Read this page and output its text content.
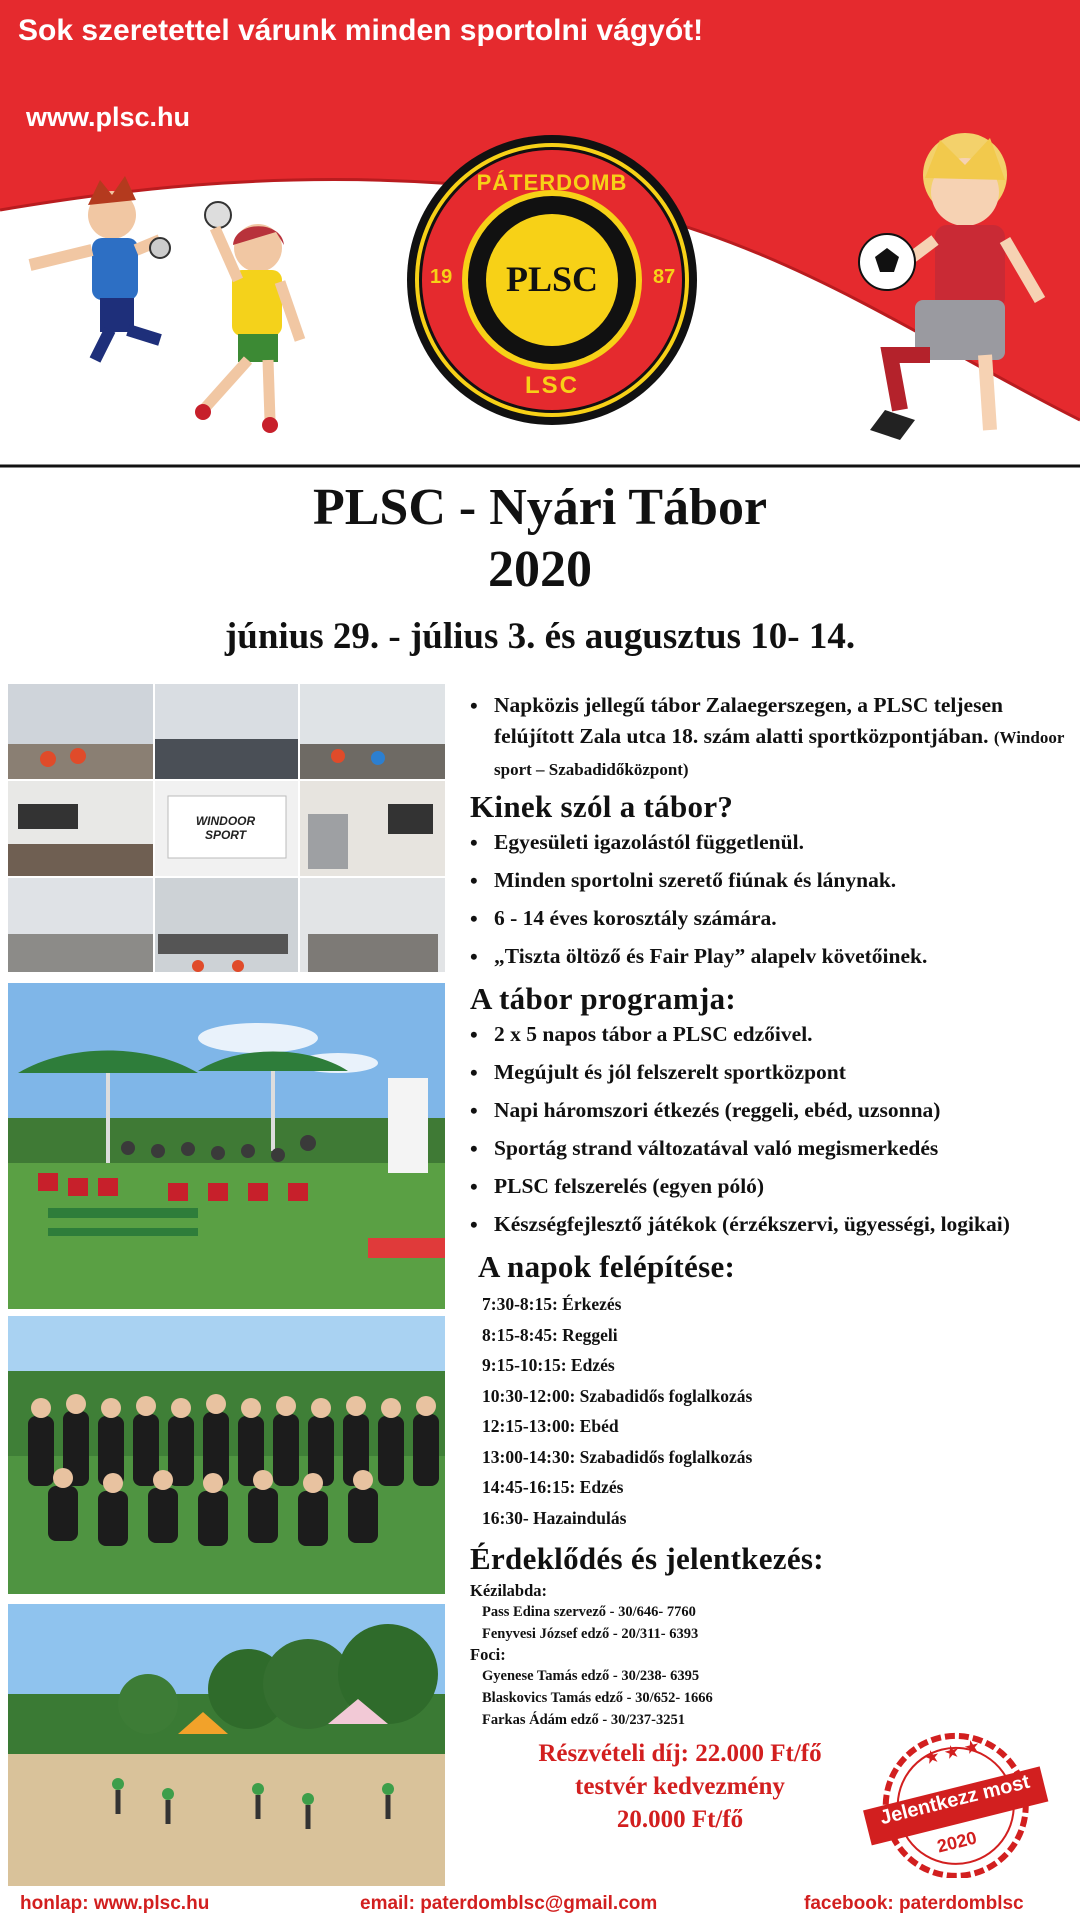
Sok szeretettel várunk minden sportolni vágyót!
www.plsc.hu
PÁTERDOMB
LSC
19	87
PLSC
PLSC - Nyári Tábor
2020
június 29. - július 3. és augusztus 10- 14.
WINDOOR SPORT
• Napközis jellegű tábor Zalaegerszegen, a PLSC teljesen felújított Zala utca 18. szám alatti sportközpontjában. (Windoor sport – Szabadidőközpont)
Kinek szól a tábor?
• Egyesületi igazolástól függetlenül.
• Minden sportolni szerető fiúnak és lánynak.
• 6 - 14 éves korosztály számára.
• „Tiszta öltöző és Fair Play” alapelv követőinek.
A tábor programja:
• 2 x 5 napos tábor a PLSC edzőivel.
• Megújult és jól felszerelt sportközpont
• Napi háromszori étkezés (reggeli, ebéd, uzsonna)
• Sportág strand változatával való megismerkedés
• PLSC felszerelés (egyen póló)
• Készségfejlesztő játékok (érzékszervi, ügyességi, logikai)
A napok felépítése:
7:30-8:15: Érkezés
8:15-8:45: Reggeli
9:15-10:15: Edzés
10:30-12:00: Szabadidős foglalkozás
12:15-13:00: Ebéd
13:00-14:30: Szabadidős foglalkozás
14:45-16:15: Edzés
16:30- Hazaindulás
Érdeklődés és jelentkezés:
Kézilabda:
Pass Edina szervező - 30/646- 7760
Fenyvesi József edző - 20/311- 6393
Foci:
Gyenese Tamás edző - 30/238- 6395
Blaskovics Tamás edző - 30/652- 1666
Farkas Ádám edző - 30/237-3251
Részvételi díj: 22.000 Ft/fő
testvér kedvezmény
20.000 Ft/fő
★ ★ ★
Jelentkezz most
2020
honlap: www.plsc.hu	email: paterdomblsc@gmail.com	facebook: paterdomblsc
